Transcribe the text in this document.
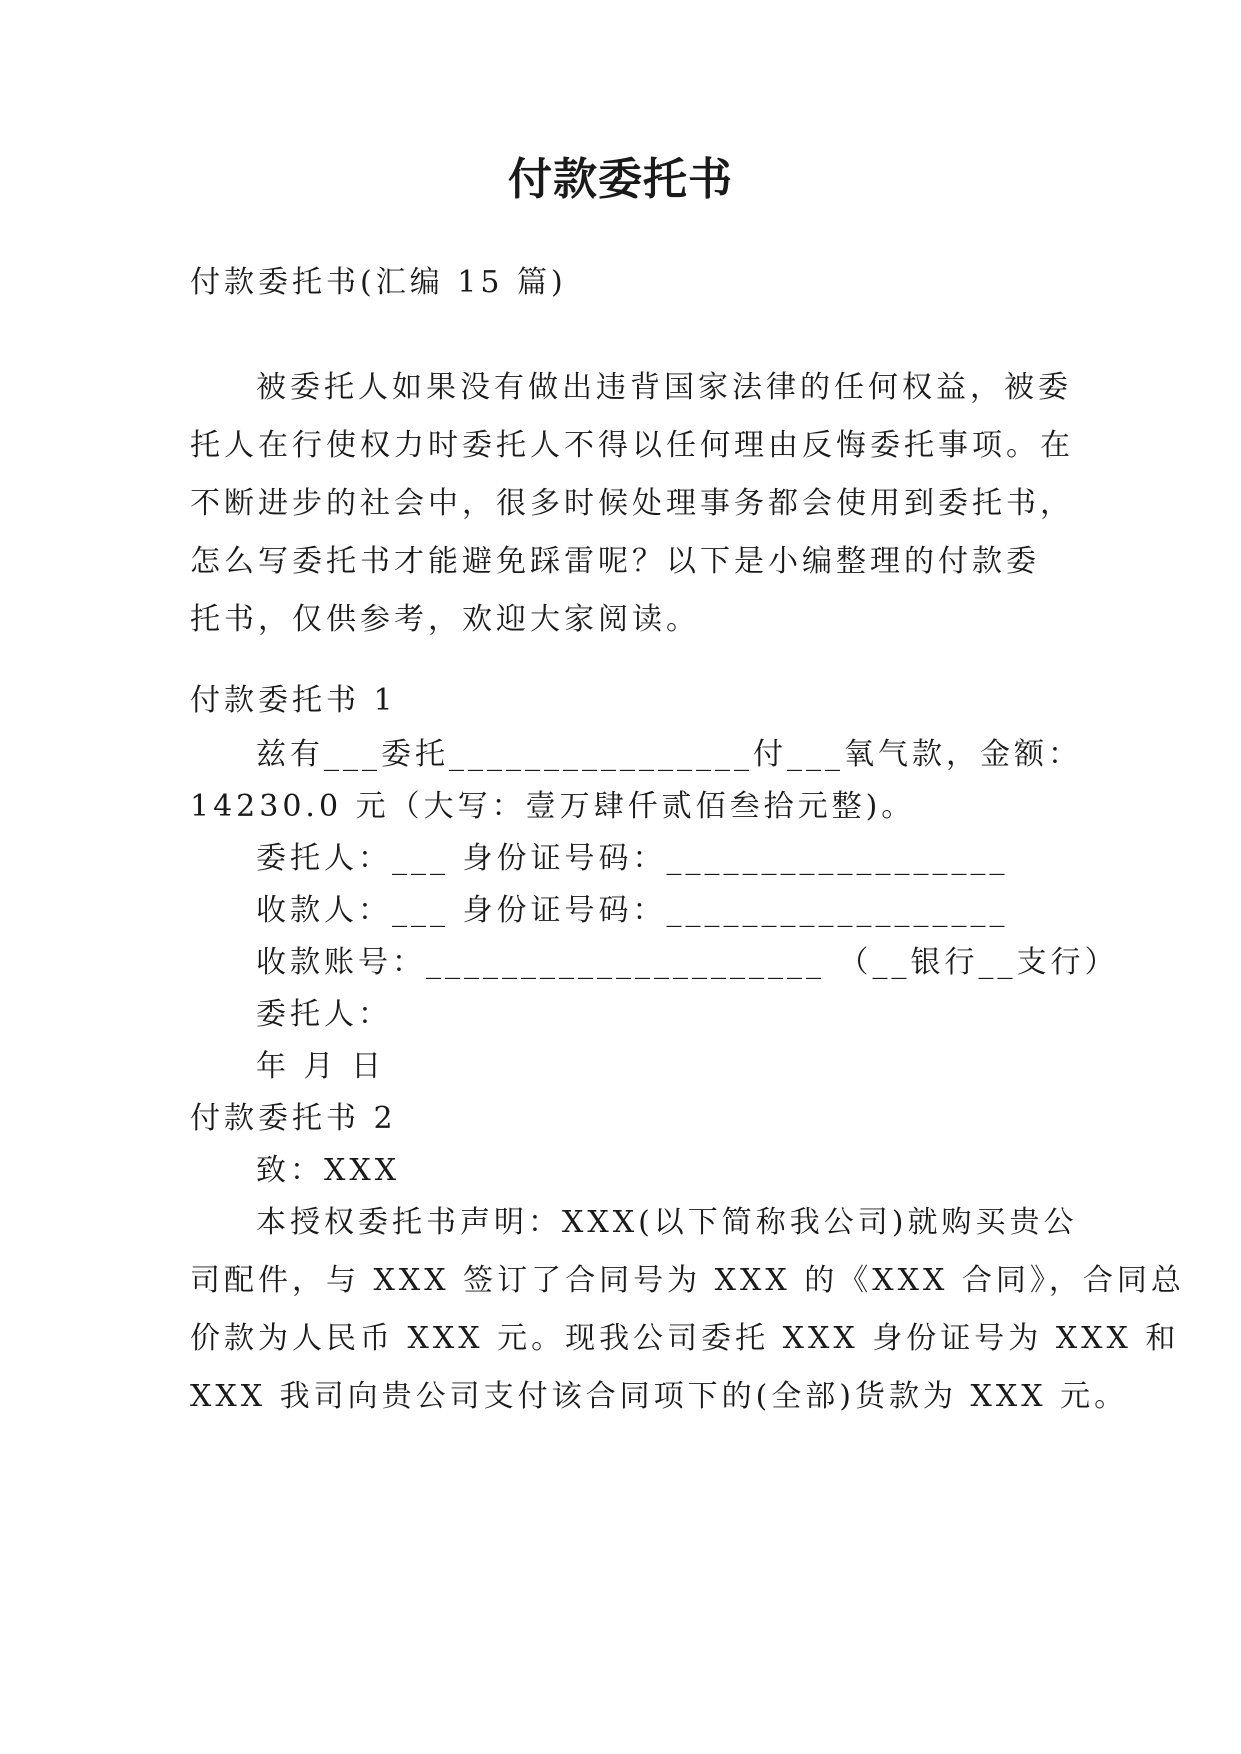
付款委托书
付款委托书(汇编 15 篇)
被委托人如果没有做出违背国家法律的任何权益，被委
托人在行使权力时委托人不得以任何理由反悔委托事项。在
不断进步的社会中，很多时候处理事务都会使用到委托书，
怎么写委托书才能避免踩雷呢？以下是小编整理的付款委
托书，仅供参考，欢迎大家阅读。
付款委托书 1
兹有___委托________________付___氧气款，金额：
14230.0 元（大写：壹万肆仟贰佰叁拾元整)。
委托人：___ 身份证号码：__________________
收款人：___ 身份证号码：__________________
收款账号：_____________________ （__银行__支行）
委托人：
年 月 日
付款委托书 2
致：XXX
本授权委托书声明：XXX(以下简称我公司)就购买贵公
司配件，与 XXX 签订了合同号为 XXX 的《XXX 合同》，合同总
价款为人民币 XXX 元。现我公司委托 XXX 身份证号为 XXX 和
XXX 我司向贵公司支付该合同项下的(全部)货款为 XXX 元。
